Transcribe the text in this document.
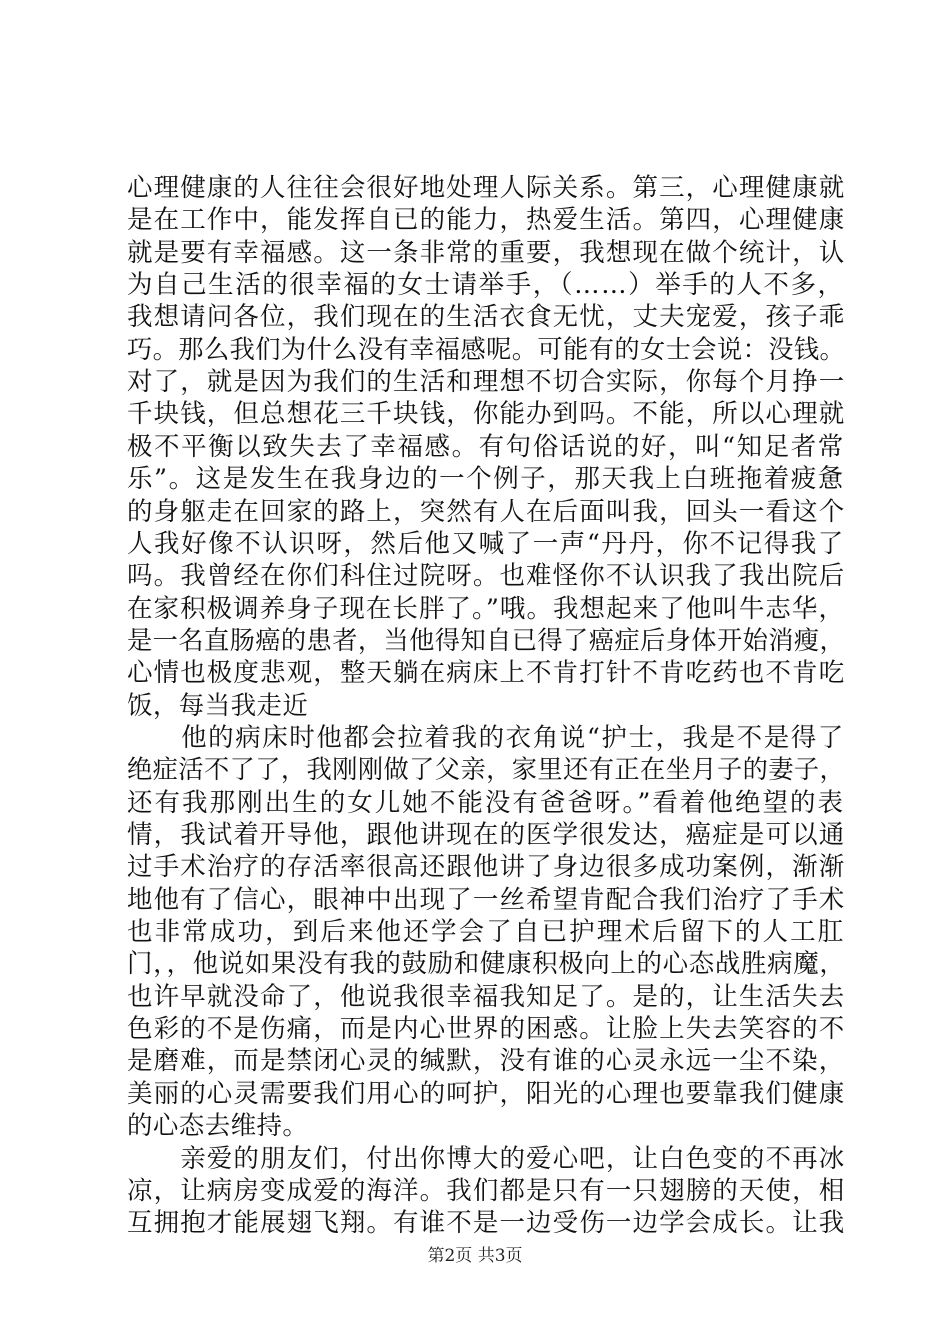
心理健康的人往往会很好地处理人际关系。第三，心理健康就
是在工作中，能发挥自已的能力，热爱生活。第四，心理健康
就是要有幸福感。这一条非常的重要，我想现在做个统计，认
为自己生活的很幸福的女士请举手，（……）举手的人不多，
我想请问各位，我们现在的生活衣食无忧，丈夫宠爱，孩子乖
巧。那么我们为什么没有幸福感呢。可能有的女士会说：没钱。
对了，就是因为我们的生活和理想不切合实际，你每个月挣一
千块钱，但总想花三千块钱，你能办到吗。不能，所以心理就
极不平衡以致失去了幸福感。有句俗话说的好，叫“知足者常
乐”。这是发生在我身边的一个例子，那天我上白班拖着疲惫
的身躯走在回家的路上，突然有人在后面叫我，回头一看这个
人我好像不认识呀，然后他又喊了一声“丹丹，你不记得我了
吗。我曾经在你们科住过院呀。也难怪你不认识我了我出院后
在家积极调养身子现在长胖了。”哦。我想起来了他叫牛志华，
是一名直肠癌的患者，当他得知自已得了癌症后身体开始消瘦，
心情也极度悲观，整天躺在病床上不肯打针不肯吃药也不肯吃
饭，每当我走近
　　他的病床时他都会拉着我的衣角说“护士，我是不是得了
绝症活不了了，我刚刚做了父亲，家里还有正在坐月子的妻子，
还有我那刚出生的女儿她不能没有爸爸呀。”看着他绝望的表
情，我试着开导他，跟他讲现在的医学很发达，癌症是可以通
过手术治疗的存活率很高还跟他讲了身边很多成功案例，渐渐
地他有了信心，眼神中出现了一丝希望肯配合我们治疗了手术
也非常成功，到后来他还学会了自已护理术后留下的人工肛
门，，他说如果没有我的鼓励和健康积极向上的心态战胜病魔，
也许早就没命了，他说我很幸福我知足了。是的，让生活失去
色彩的不是伤痛，而是内心世界的困惑。让脸上失去笑容的不
是磨难，而是禁闭心灵的缄默，没有谁的心灵永远一尘不染，
美丽的心灵需要我们用心的呵护，阳光的心理也要靠我们健康
的心态去维持。
　　亲爱的朋友们，付出你博大的爱心吧，让白色变的不再冰
凉，让病房变成爱的海洋。我们都是只有一只翅膀的天使，相
互拥抱才能展翅飞翔。有谁不是一边受伤一边学会成长。让我
第2页 共3页
